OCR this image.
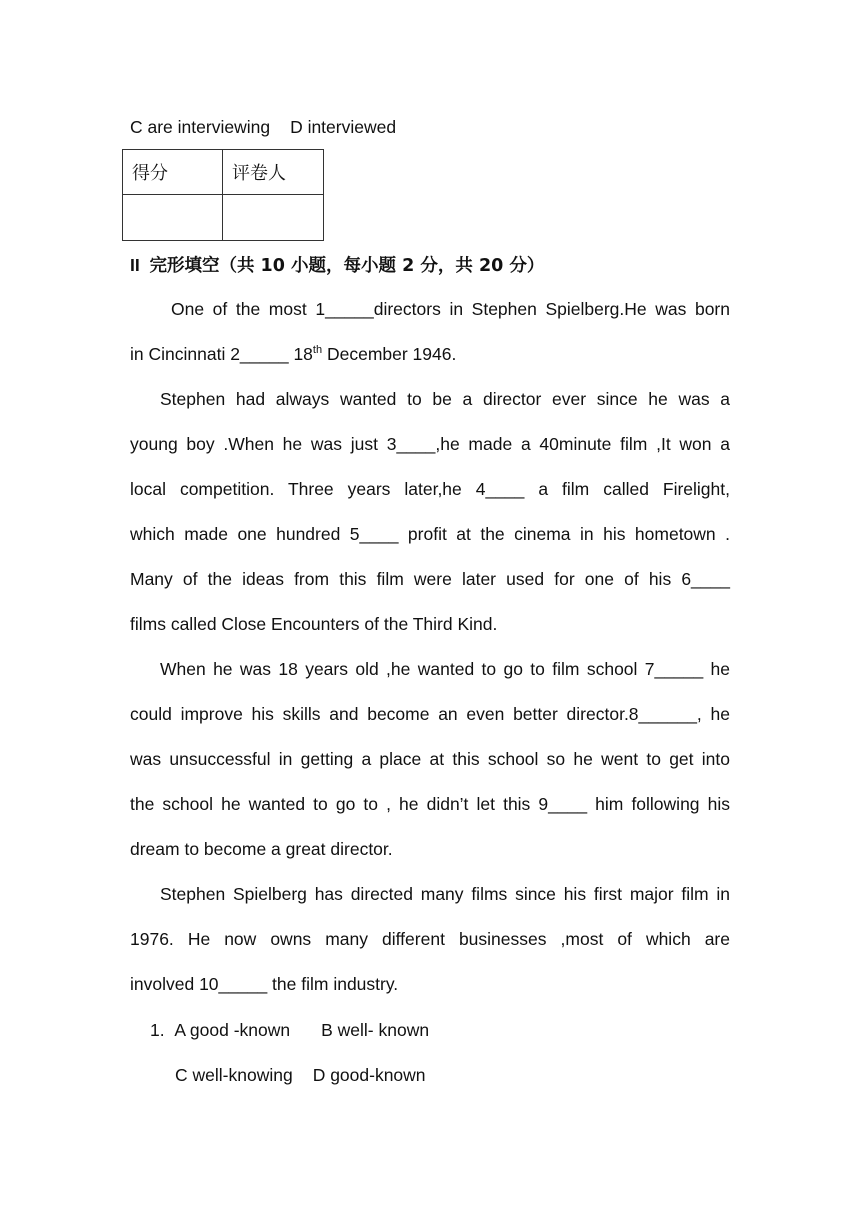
C are interviewing D interviewed
得分	评卷人

II 完形填空（共 10 小题，每小题 2 分，共 20 分）
One of the most 1_____directors in Stephen Spielberg.He was born
in Cincinnati 2_____ 18th December 1946.
Stephen had always wanted to be a director ever since he was a
young boy .When he was just 3____,he made a 40minute film ,It won a
local competition. Three years later,he 4____ a film called Firelight,
which made one hundred 5____ profit at the cinema in his hometown .
Many of the ideas from this film were later used for one of his 6____
films called Close Encounters of the Third Kind.
When he was 18 years old ,he wanted to go to film school 7_____ he
could improve his skills and become an even better director.8______, he
was unsuccessful in getting a place at this school so he went to get into
the school he wanted to go to , he didn’t let this 9____ him following his
dream to become a great director.
Stephen Spielberg has directed many films since his first major film in
1976. He now owns many different businesses ,most of which are
involved 10_____ the film industry.
1. A good -known B well- known
C well-knowing D good-known
